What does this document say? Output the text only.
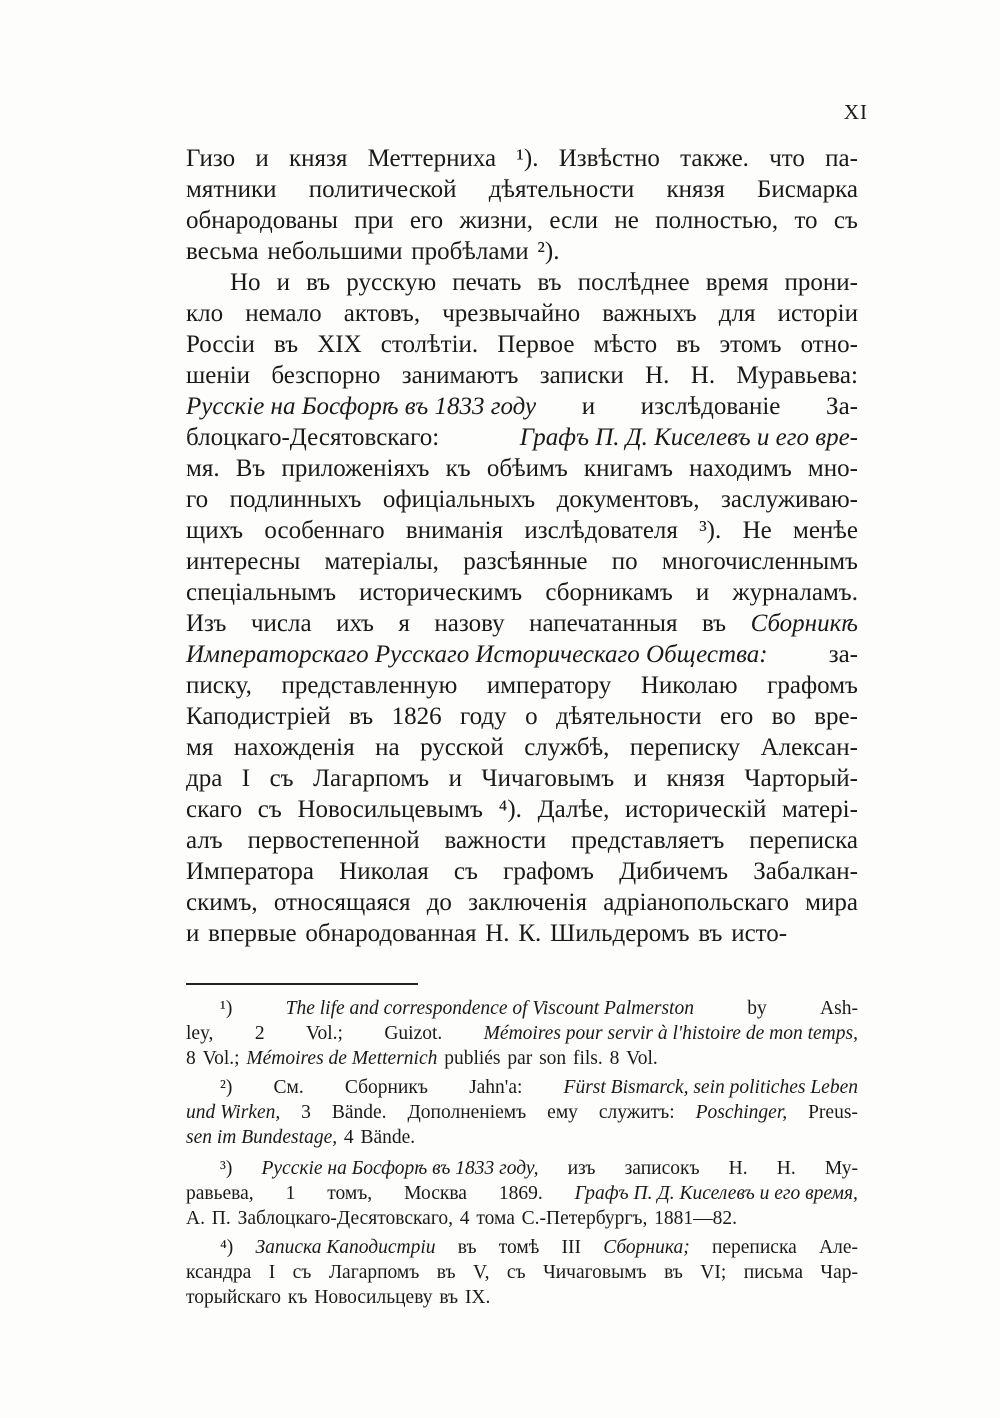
XI
Гизо и князя Меттерниха ¹). Извѣстно также. что па-
мятники политической дѣятельности князя Бисмарка
обнародованы при его жизни, если не полностью, то съ
весьма небольшими пробѣлами ²).
Но и въ русскую печать въ послѣднее время прони-
кло немало актовъ, чрезвычайно важныхъ для исторіи
Россіи въ XIX столѣтіи. Первое мѣсто въ этомъ отно-
шеніи безспорно занимаютъ записки Н. Н. Муравьева:
Русскіе на Босфорѣ въ 1833 году и изслѣдованіе За-
блоцкаго-Десятовскаго:	Графъ П. Д. Киселевъ и его вре-
мя. Въ приложеніяхъ къ обѣимъ книгамъ находимъ мно-
го подлинныхъ офиціальныхъ документовъ, заслуживаю-
щихъ особеннаго вниманія изслѣдователя ³). Не менѣе
интересны матеріалы, разсѣянные по многочисленнымъ
спеціальнымъ историческимъ сборникамъ и журналамъ.
Изъ числа ихъ я назову напечатанныя въ Сборникѣ
Императорскаго Русскаго Историческаго Общества: за-
писку, представленную императору Николаю графомъ
Каподистріей въ 1826 году о дѣятельности его во вре-
мя нахожденія на русской службѣ, переписку Алексан-
дра I съ Лагарпомъ и Чичаговымъ и князя Чарторый-
скаго съ Новосильцевымъ ⁴). Далѣе, историческій матері-
алъ первостепенной важности представляетъ переписка
Императора Николая съ графомъ Дибичемъ Забалкан-
скимъ, относящаяся до заключенія адріанопольскаго мира
и впервые обнародованная Н. К. Шильдеромъ въ исто-
¹)	The life and correspondence of Viscount Palmerston	by	Ash-
ley, 2 Vol.; Guizot. Mémoires pour servir à l'histoire de mon temps,
8 Vol.; Mémoires de Metternich publiés par son fils. 8 Vol.
²) См. Сборникъ Jahn'a: Fürst Bismarck, sein politiches Leben
und Wirken, 3 Bände. Дополненіемъ ему служитъ: Poschinger, Preus-
sen im Bundestage, 4 Bände.
³) Русскіе на Босфорѣ въ 1833 году, изъ записокъ Н. Н. Му-
равьева, 1 томъ, Москва 1869. Графъ П. Д. Киселевъ и его время,
А. П. Заблоцкаго-Десятовскаго, 4 тома С.-Петербургъ, 1881—82.
⁴) Записка Каподистріи въ томѣ III Сборника; переписка Але-
ксандра I съ Лагарпомъ въ V, съ Чичаговымъ въ VI; письма Чар-
торыйскаго къ Новосильцеву въ IX.
